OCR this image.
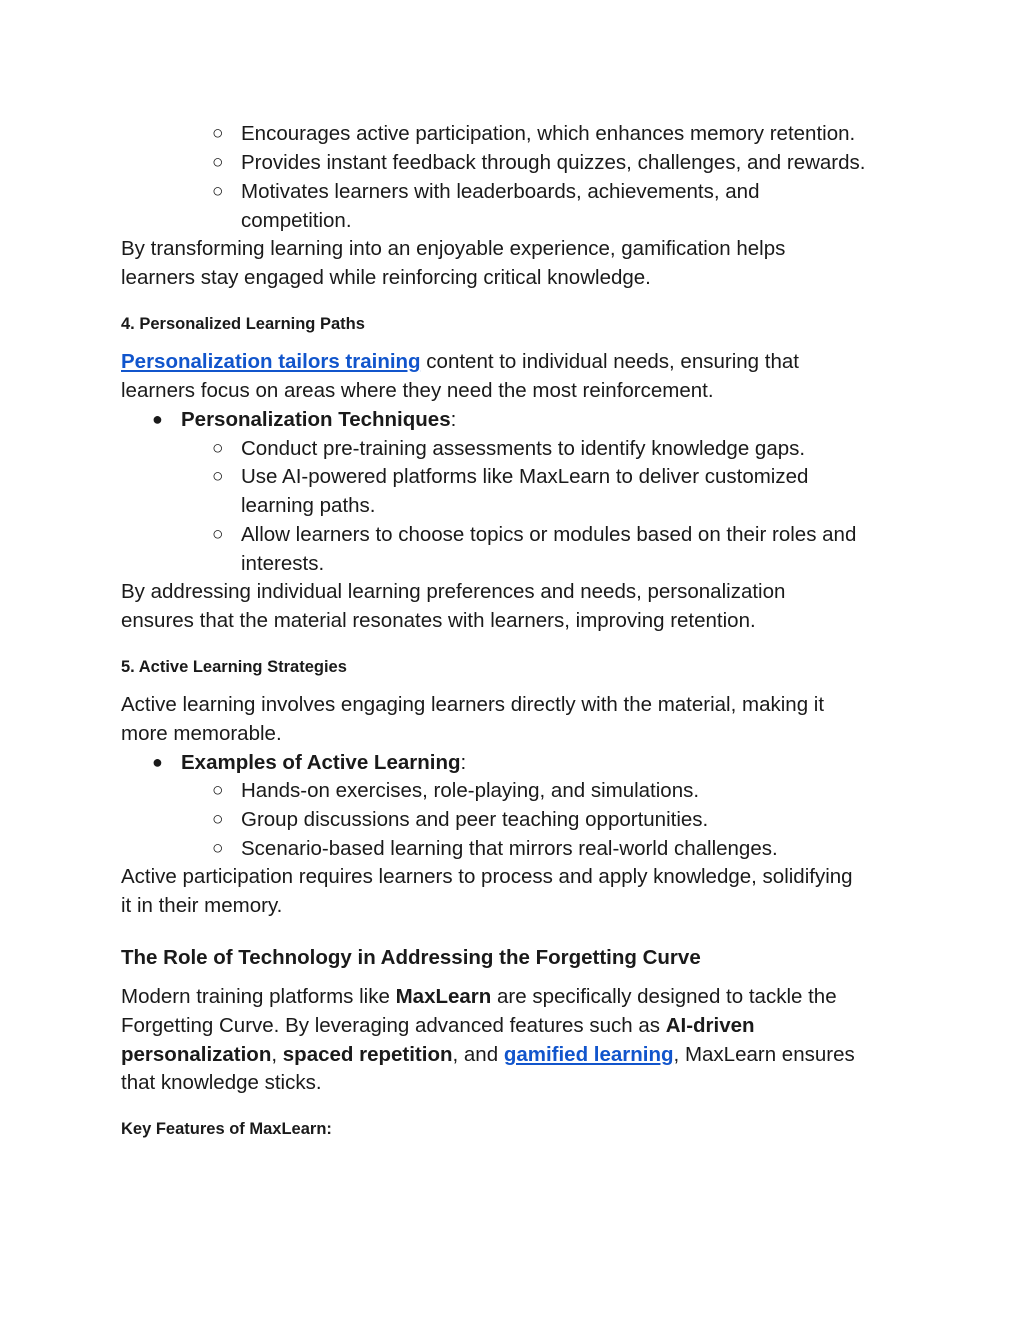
○ Encourages active participation, which enhances memory retention.
○ Provides instant feedback through quizzes, challenges, and rewards.
○ Motivates learners with leaderboards, achievements, and
competition.
By transforming learning into an enjoyable experience, gamification helps
learners stay engaged while reinforcing critical knowledge.
4. Personalized Learning Paths
Personalization tailors training content to individual needs, ensuring that
learners focus on areas where they need the most reinforcement.
● Personalization Techniques:
○ Conduct pre-training assessments to identify knowledge gaps.
○ Use AI-powered platforms like MaxLearn to deliver customized
learning paths.
○ Allow learners to choose topics or modules based on their roles and
interests.
By addressing individual learning preferences and needs, personalization
ensures that the material resonates with learners, improving retention.
5. Active Learning Strategies
Active learning involves engaging learners directly with the material, making it
more memorable.
● Examples of Active Learning:
○ Hands-on exercises, role-playing, and simulations.
○ Group discussions and peer teaching opportunities.
○ Scenario-based learning that mirrors real-world challenges.
Active participation requires learners to process and apply knowledge, solidifying
it in their memory.
The Role of Technology in Addressing the Forgetting Curve
Modern training platforms like MaxLearn are specifically designed to tackle the
Forgetting Curve. By leveraging advanced features such as AI-driven
personalization, spaced repetition, and gamified learning, MaxLearn ensures
that knowledge sticks.
Key Features of MaxLearn:
